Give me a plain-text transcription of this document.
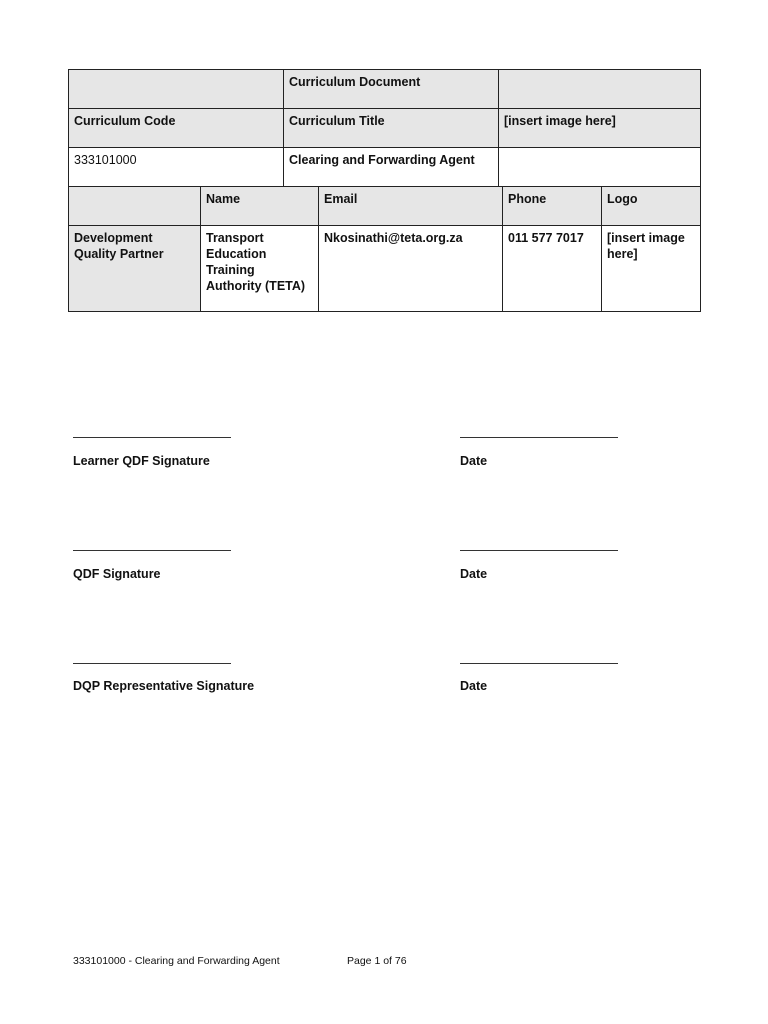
	Curriculum Document	
Curriculum Code	Curriculum Title	[insert image here]
333101000	Clearing and Forwarding Agent	
	Name	Email	Phone	Logo
Development Quality Partner	Transport Education Training Authority (TETA)	Nkosinathi@teta.org.za	011 577 7017	[insert image here]
Learner QDF Signature	Date
QDF Signature	Date
DQP Representative Signature	Date
333101000 - Clearing and Forwarding Agent	Page 1 of 76
